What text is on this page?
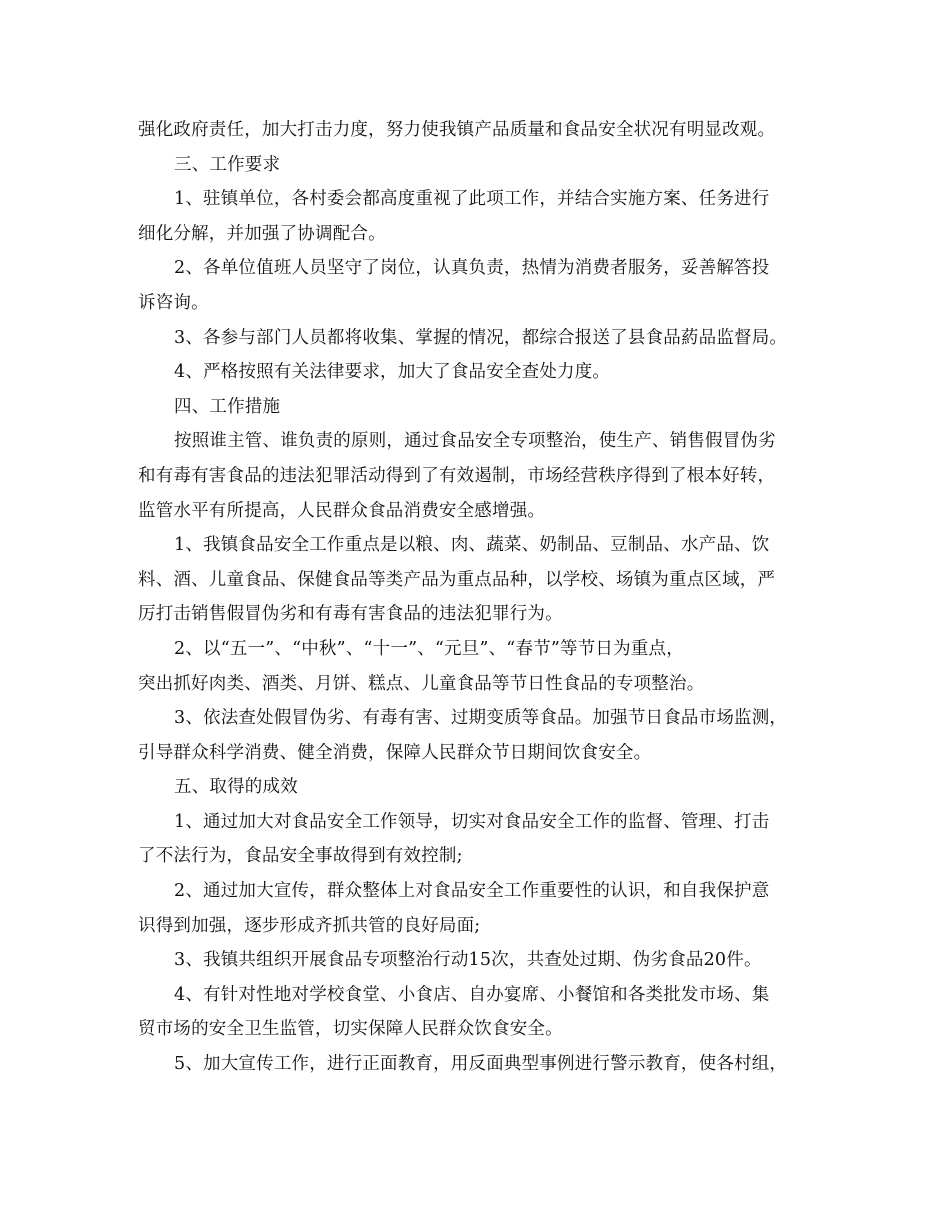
强化政府责任，加大打击力度，努力使我镇产品质量和食品安全状况有明显改观。
三、工作要求
1、驻镇单位，各村委会都高度重视了此项工作，并结合实施方案、任务进行
细化分解，并加强了协调配合。
2、各单位值班人员坚守了岗位，认真负责，热情为消费者服务，妥善解答投
诉咨询。
3、各参与部门人员都将收集、掌握的情况，都综合报送了县食品葯品监督局。
4、严格按照有关法律要求，加大了食品安全查处力度。
四、工作措施
按照谁主管、谁负责的原则，通过食品安全专项整治，使生产、销售假冒伪劣
和有毒有害食品的违法犯罪活动得到了有效遏制，市场经营秩序得到了根本好转，
监管水平有所提高，人民群众食品消费安全感增强。
1、我镇食品安全工作重点是以粮、肉、蔬菜、奶制品、豆制品、水产品、饮
料、酒、儿童食品、保健食品等类产品为重点品种，以学校、场镇为重点区域，严
厉打击销售假冒伪劣和有毒有害食品的违法犯罪行为。
2、以“五一”、“中秋”、“十一”、“元旦”、“春节”等节日为重点，
突出抓好肉类、酒类、月饼、糕点、儿童食品等节日性食品的专项整治。
3、依法查处假冒伪劣、有毒有害、过期变质等食品。加强节日食品市场监测，
引导群众科学消费、健全消费，保障人民群众节日期间饮食安全。
五、取得的成效
1、通过加大对食品安全工作领导，切实对食品安全工作的监督、管理、打击
了不法行为，食品安全事故得到有效控制;
2、通过加大宣传，群众整体上对食品安全工作重要性的认识，和自我保护意
识得到加强，逐步形成齐抓共管的良好局面;
3、我镇共组织开展食品专项整治行动15次，共查处过期、伪劣食品20件。
4、有针对性地对学校食堂、小食店、自办宴席、小餐馆和各类批发市场、集
贸市场的安全卫生监管，切实保障人民群众饮食安全。
5、加大宣传工作，进行正面教育，用反面典型事例进行警示教育，使各村组，
